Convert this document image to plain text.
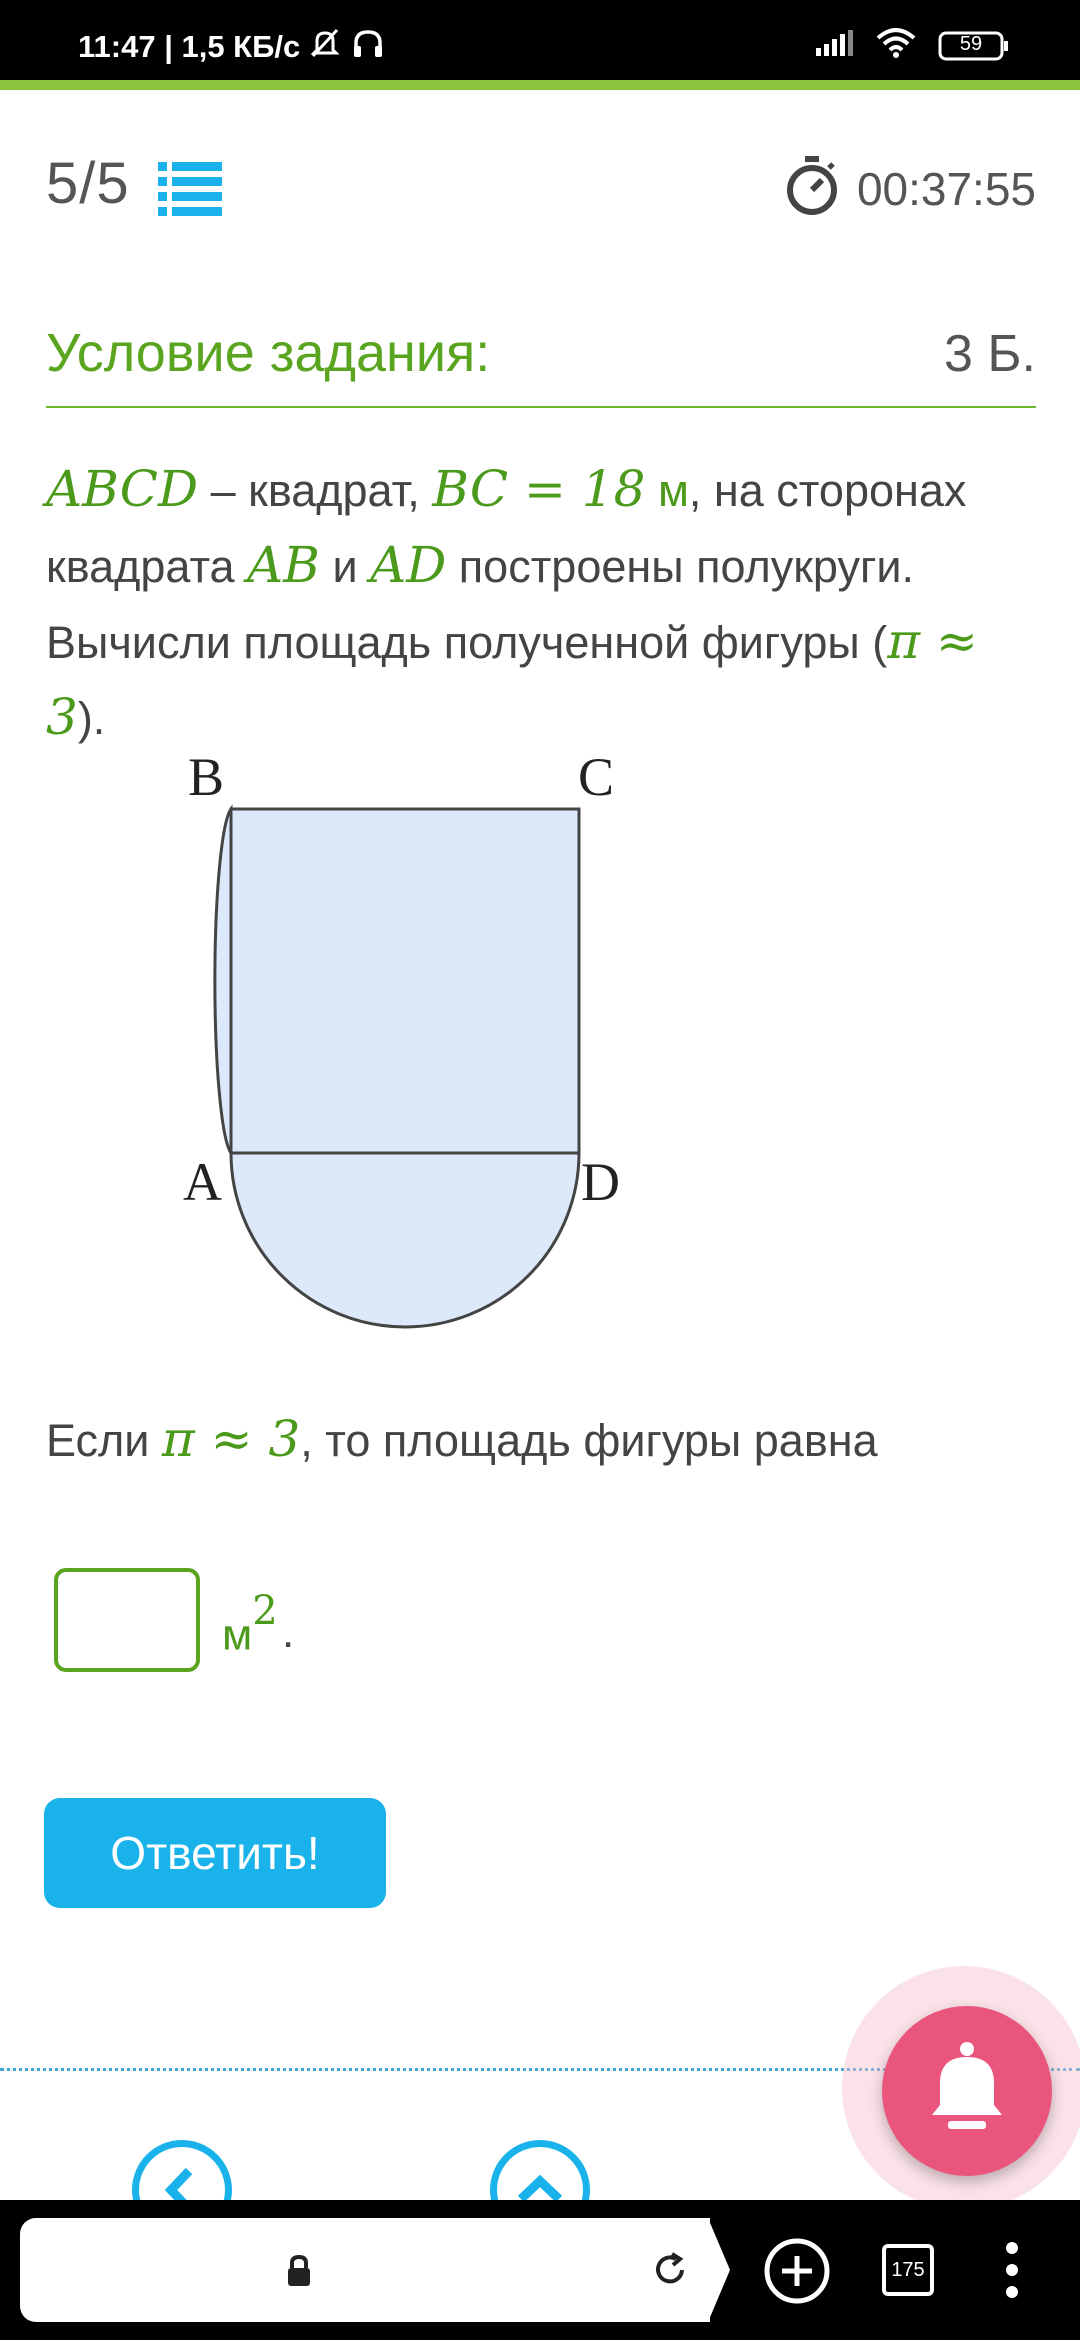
11:47 | 1,5 КБ/с	59
5/5	00:37:55
Условие задания:	3 Б.
ABCD – квадрат, BC = 18 м, на сторонах квадрата AB и AD построены полукруги.
Вычисли площадь полученной фигуры (π ≈ 3).
B	C
A	D
Если π ≈ 3, то площадь фигуры равна
$м^2$ .
Ответить!
175
